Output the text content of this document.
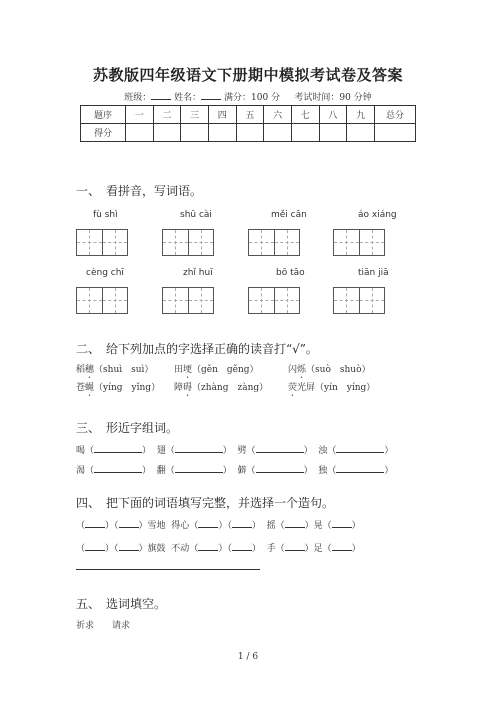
苏教版四年级语文下册期中模拟考试卷及答案
班级：	姓名：	满分：100 分 考试时间：90 分钟
题序	一	二	三	四	五	六	七	八	九	总分
得分										
一、　看拼音，写词语。
fù shì	shū cài	měi cān	áo xiáng
cèng chī	zhǐ huī	bō tāo	tiān jiā
二、　给下列加点的字选择正确的读音打“√”。
稻穗（shuì　suì） 田埂（gěn　gěng）	闪烁（suò　shuò）
苍蝇（yíng　yǐng） 障碍（zhàng　zàng） 荧光屏（yín　yíng）
三、　形近字组词。
喝（	）  翅（	）  劈（	）  浊（	）
渴（	）  翻（	）  僻（	）  独（	）
四、　把下面的词语填写完整，并选择一个造句。
（ ）（ ）雪地 得心（ ）（ ）  摇（ ）晃（ ）
（ ）（ ）旗鼓 不动（ ）（ ）  手（ ）足（ ）
五、　选词填空。
祈求　　请求
1 / 6
